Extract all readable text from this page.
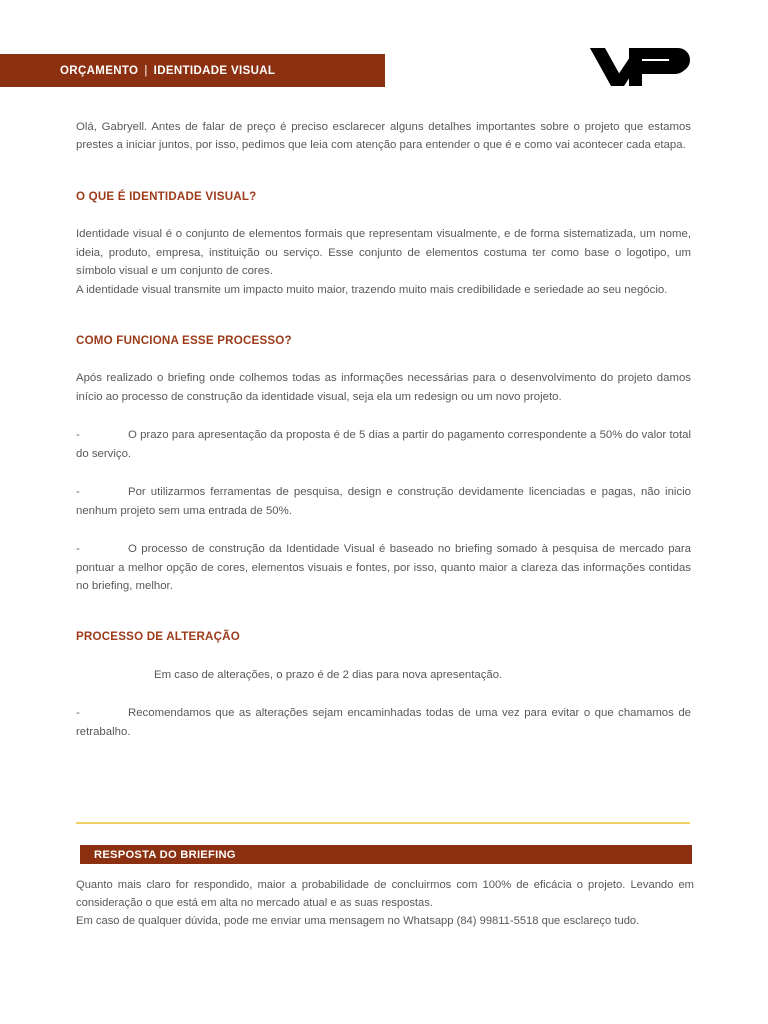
ORÇAMENTO | IDENTIDADE VISUAL

Olá, Gabryell. Antes de falar de preço é preciso esclarecer alguns detalhes importantes sobre o projeto que estamos prestes a iniciar juntos, por isso, pedimos que leia com atenção para entender o que é e como vai acontecer cada etapa.

O QUE É IDENTIDADE VISUAL?

Identidade visual é o conjunto de elementos formais que representam visualmente, e de forma sistematizada, um nome, ideia, produto, empresa, instituição ou serviço. Esse conjunto de elementos costuma ter como base o logotipo, um símbolo visual e um conjunto de cores.

A identidade visual transmite um impacto muito maior, trazendo muito mais credibilidade e seriedade ao seu negócio.

COMO FUNCIONA ESSE PROCESSO?

Após realizado o briefing onde colhemos todas as informações necessárias para o desenvolvimento do projeto damos início ao processo de construção da identidade visual, seja ela um redesign ou um novo projeto.

-	O prazo para apresentação da proposta é de 5 dias a partir do pagamento correspondente a 50% do valor total do serviço.

-	Por utilizarmos ferramentas de pesquisa, design e construção devidamente licenciadas e pagas, não inicio nenhum projeto sem uma entrada de 50%.

-	O processo de construção da Identidade Visual é baseado no briefing somado à pesquisa de mercado para pontuar a melhor opção de cores, elementos visuais e fontes, por isso, quanto maior a clareza das informações contidas no briefing, melhor.

PROCESSO DE ALTERAÇÃO

Em caso de alterações, o prazo é de 2 dias para nova apresentação.

-	Recomendamos que as alterações sejam encaminhadas todas de uma vez para evitar o que chamamos de retrabalho.

RESPOSTA DO BRIEFING

Quanto mais claro for respondido, maior a probabilidade de concluirmos com 100% de eficácia o projeto. Levando em consideração o que está em alta no mercado atual e as suas respostas.

Em caso de qualquer dúvida, pode me enviar uma mensagem no Whatsapp (84) 99811-5518 que esclareço tudo.
